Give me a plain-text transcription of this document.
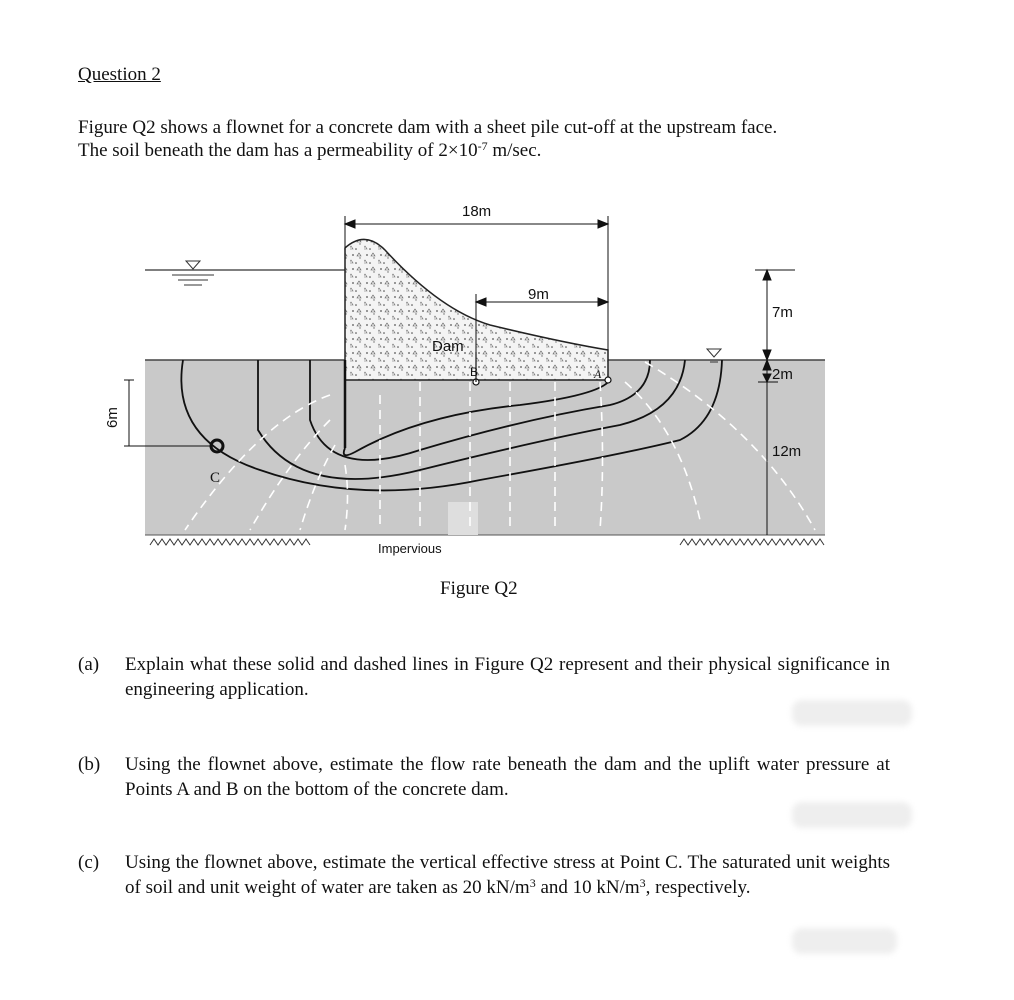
Question 2

Figure Q2 shows a flownet for a concrete dam with a sheet pile cut-off at the upstream face.

The soil beneath the dam has a permeability of $2\times 10^{-7}$ m/sec.

18m
9m
Dam
B
7m
2m
12m
Impervious
6m
A
C
Figure Q2
(a) Explain what these solid and dashed lines in Figure Q2 represent and their physical significance in engineering application.
(b) Using the flownet above, estimate the flow rate beneath the dam and the uplift water pressure at Points A and B on the bottom of the concrete dam.
(c) Using the flownet above, estimate the vertical effective stress at Point C. The saturated unit weights of soil and unit weight of water are taken as 20 $kN/m^3$ and 10 $kN/m^3$, respectively.
